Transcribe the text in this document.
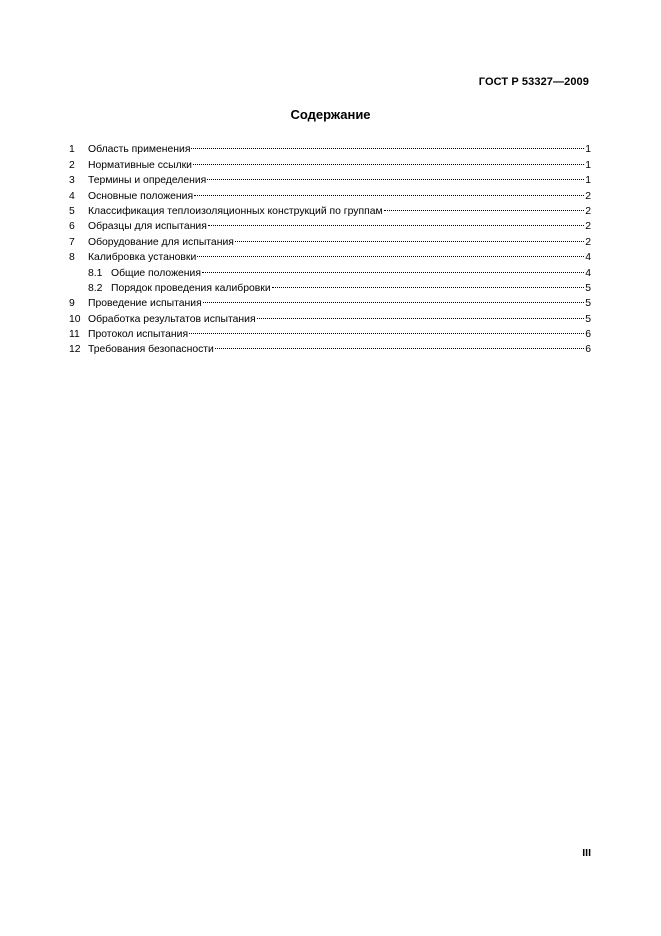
ГОСТ Р 53327—2009
Содержание
1	Область применения	1
2	Нормативные ссылки	1
3	Термины и определения	1
4	Основные положения	2
5	Классификация теплоизоляционных конструкций по группам	2
6	Образцы для испытания	2
7	Оборудование для испытания	2
8	Калибровка установки	4
8.1 Общие положения	4
8.2 Порядок проведения калибровки	5
9	Проведение испытания	5
10 Обработка результатов испытания	5
11 Протокол испытания	6
12 Требования безопасности	6
III
